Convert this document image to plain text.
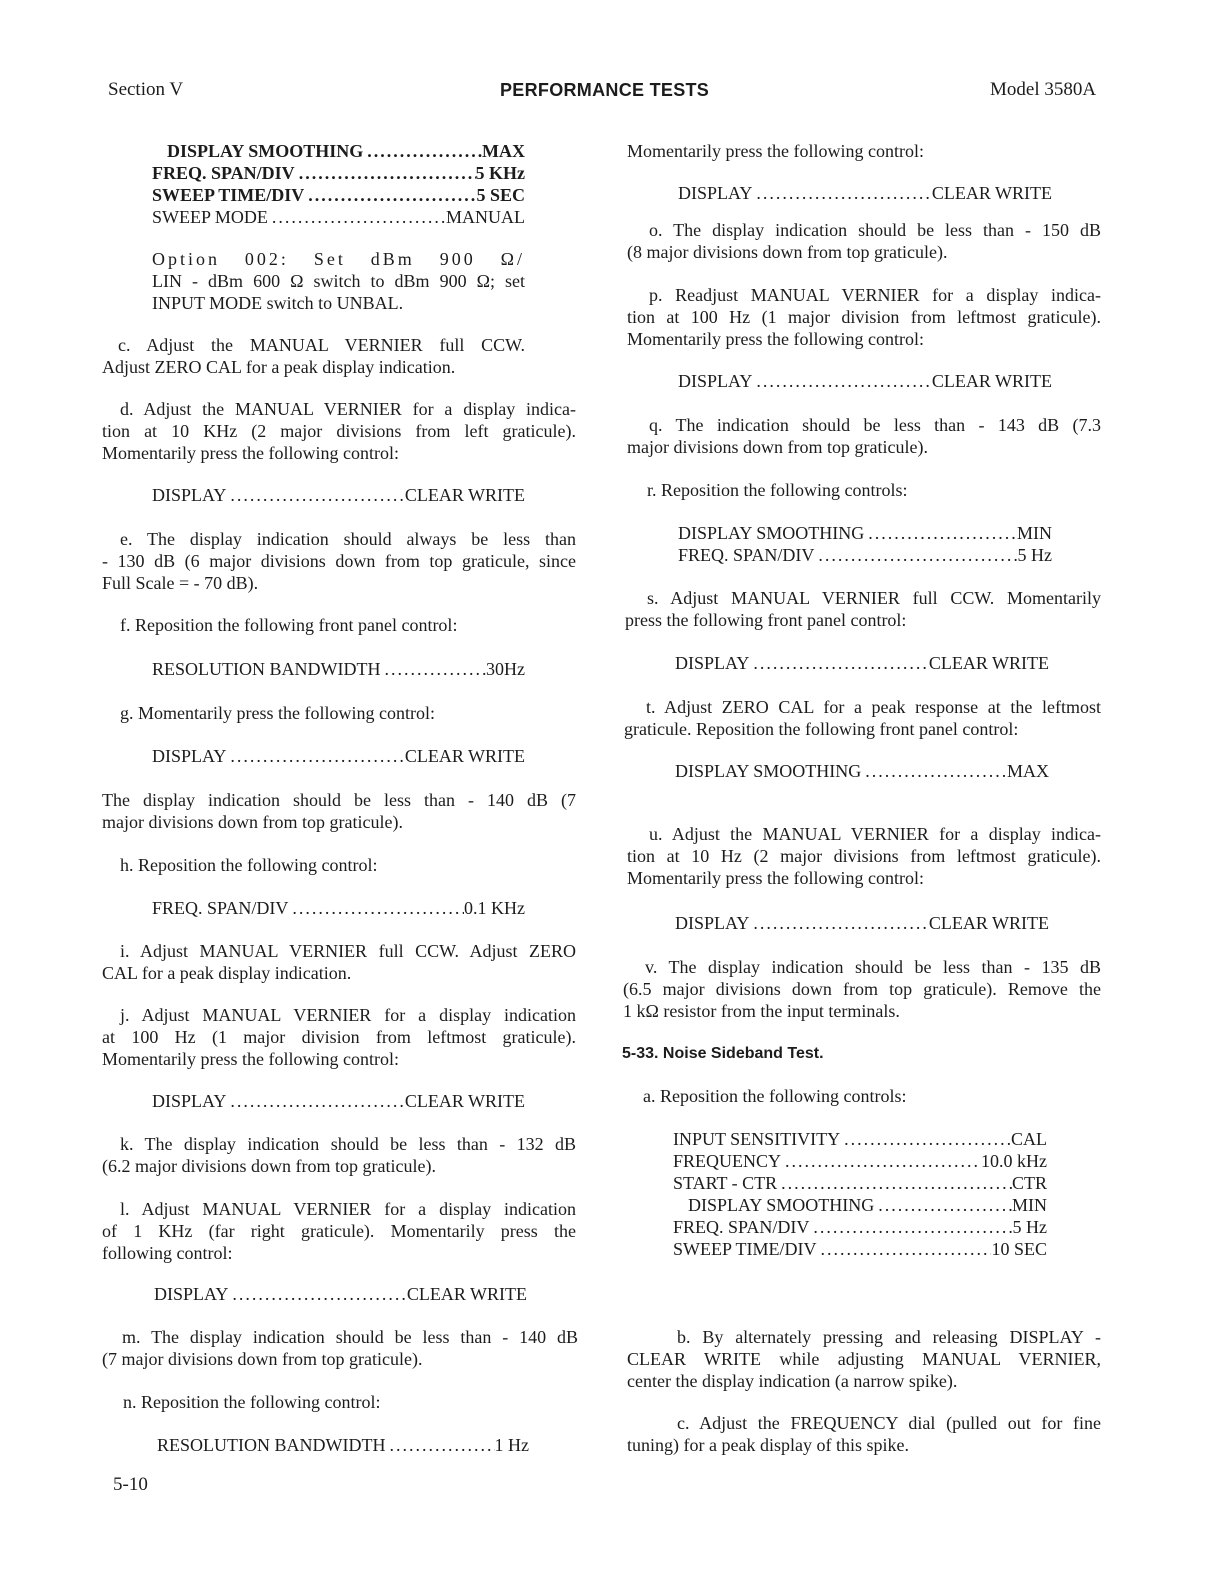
Section V	PERFORMANCE TESTS	Model 3580A
DISPLAY SMOOTHING .....	MAX
FREQ. SPAN/DIV .....	5 KHz
SWEEP TIME/DIV .....	5 SEC
SWEEP MODE .....	MANUAL
Option 002: Set dBm 900 Ω/
LIN - dBm 600 Ω switch to dBm 900 Ω; set
INPUT MODE switch to UNBAL.
c. Adjust the MANUAL VERNIER full CCW.
Adjust ZERO CAL for a peak display indication.
d. Adjust the MANUAL VERNIER for a display indica-
tion at 10 KHz (2 major divisions from left graticule).
Momentarily press the following control:
DISPLAY .....	CLEAR WRITE
e. The display indication should always be less than
- 130 dB (6 major divisions down from top graticule, since
Full Scale = - 70 dB).
f. Reposition the following front panel control:
RESOLUTION BANDWIDTH .....	30Hz
g. Momentarily press the following control:
DISPLAY .....	CLEAR WRITE
The display indication should be less than - 140 dB (7
major divisions down from top graticule).
h. Reposition the following control:
FREQ. SPAN/DIV .....	0.1 KHz
i. Adjust MANUAL VERNIER full CCW. Adjust ZERO
CAL for a peak display indication.
j. Adjust MANUAL VERNIER for a display indication
at 100 Hz (1 major division from leftmost graticule).
Momentarily press the following control:
DISPLAY .....	CLEAR WRITE
k. The display indication should be less than - 132 dB
(6.2 major divisions down from top graticule).
l. Adjust MANUAL VERNIER for a display indication
of 1 KHz (far right graticule). Momentarily press the
following control:
DISPLAY .....	CLEAR WRITE
m. The display indication should be less than - 140 dB
(7 major divisions down from top graticule).
n. Reposition the following control:
RESOLUTION BANDWIDTH .....	1 Hz
Momentarily press the following control:
DISPLAY .....	CLEAR WRITE
o. The display indication should be less than - 150 dB
(8 major divisions down from top graticule).
p. Readjust MANUAL VERNIER for a display indica-
tion at 100 Hz (1 major division from leftmost graticule).
Momentarily press the following control:
DISPLAY .....	CLEAR WRITE
q. The indication should be less than - 143 dB (7.3
major divisions down from top graticule).
r. Reposition the following controls:
DISPLAY SMOOTHING .....	MIN
FREQ. SPAN/DIV .....	5 Hz
s. Adjust MANUAL VERNIER full CCW. Momentarily
press the following front panel control:
DISPLAY .....	CLEAR WRITE
t. Adjust ZERO CAL for a peak response at the leftmost
graticule. Reposition the following front panel control:
DISPLAY SMOOTHING .....	MAX
u. Adjust the MANUAL VERNIER for a display indica-
tion at 10 Hz (2 major divisions from leftmost graticule).
Momentarily press the following control:
DISPLAY .....	CLEAR WRITE
v. The display indication should be less than - 135 dB
(6.5 major divisions down from top graticule). Remove the
1 kΩ resistor from the input terminals.
5-33. Noise Sideband Test.
a. Reposition the following controls:
INPUT SENSITIVITY .....	CAL
FREQUENCY .....	10.0 kHz
START - CTR .....	CTR
DISPLAY SMOOTHING .....	MIN
FREQ. SPAN/DIV .....	5 Hz
SWEEP TIME/DIV .....	10 SEC
b. By alternately pressing and releasing DISPLAY -
CLEAR WRITE while adjusting MANUAL VERNIER,
center the display indication (a narrow spike).
c. Adjust the FREQUENCY dial (pulled out for fine
tuning) for a peak display of this spike.
5-10
